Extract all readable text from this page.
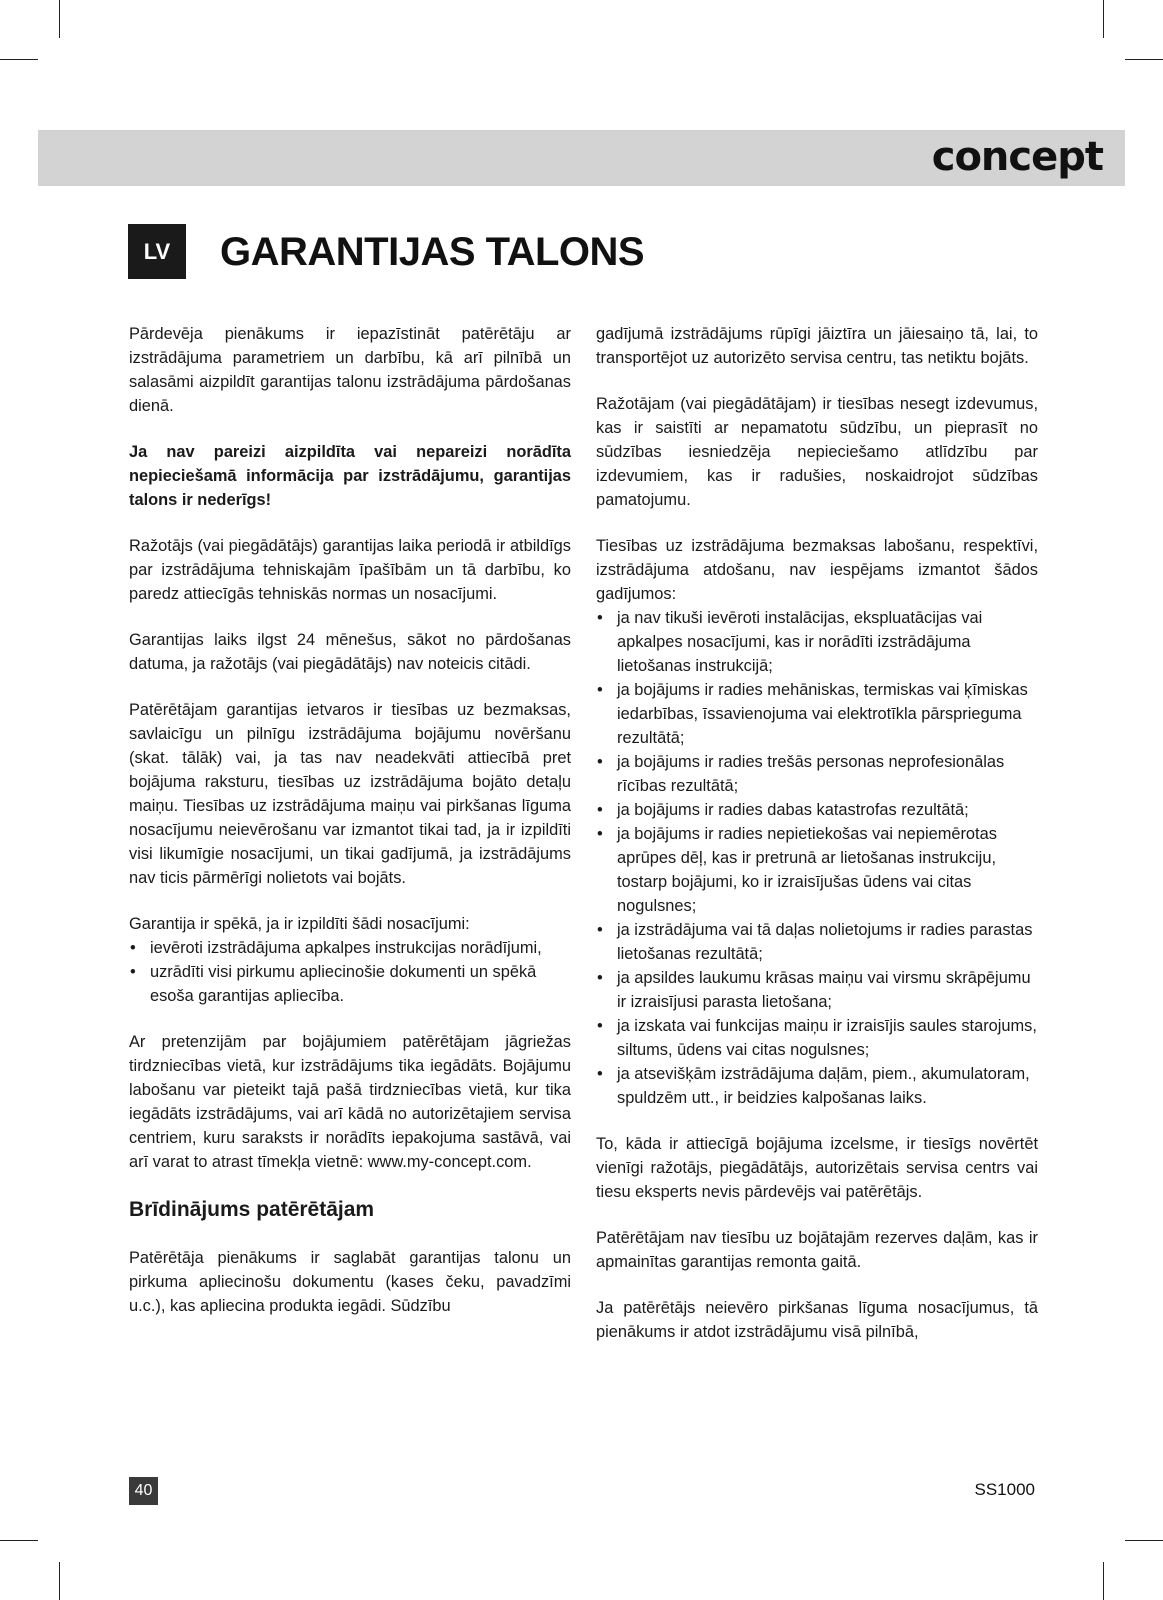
concept
LV	GARANTIJAS TALONS

Pārdevēja pienākums ir iepazīstināt patērētāju ar izstrādājuma parametriem un darbību, kā arī pilnībā un salasāmi aizpildīt garantijas talonu izstrādājuma pārdošanas dienā.

Ja nav pareizi aizpildīta vai nepareizi norādīta nepieciešamā informācija par izstrādājumu, garantijas talons ir nederīgs!

Ražotājs (vai piegādātājs) garantijas laika periodā ir atbildīgs par izstrādājuma tehniskajām īpašībām un tā darbību, ko paredz attiecīgās tehniskās normas un nosacījumi.

Garantijas laiks ilgst 24 mēnešus, sākot no pārdošanas datuma, ja ražotājs (vai piegādātājs) nav noteicis citādi.

Patērētājam garantijas ietvaros ir tiesības uz bezmaksas, savlaicīgu un pilnīgu izstrādājuma bojājumu novēršanu (skat. tālāk) vai, ja tas nav neadekvāti attiecībā pret bojājuma raksturu, tiesības uz izstrādājuma bojāto detaļu maiņu. Tiesības uz izstrādājuma maiņu vai pirkšanas līguma nosacījumu neievērošanu var izmantot tikai tad, ja ir izpildīti visi likumīgie nosacījumi, un tikai gadījumā, ja izstrādājums nav ticis pārmērīgi nolietots vai bojāts.

Garantija ir spēkā, ja ir izpildīti šādi nosacījumi:

• ievēroti izstrādājuma apkalpes instrukcijas norādījumi,
• uzrādīti visi pirkumu apliecinošie dokumenti un spēkā esoša garantijas apliecība.

Ar pretenzijām par bojājumiem patērētājam jāgriežas tirdzniecības vietā, kur izstrādājums tika iegādāts. Bojājumu labošanu var pieteikt tajā pašā tirdzniecības vietā, kur tika iegādāts izstrādājums, vai arī kādā no autorizētajiem servisa centriem, kuru saraksts ir norādīts iepakojuma sastāvā, vai arī varat to atrast tīmekļa vietnē: www.my-concept.com.

Brīdinājums patērētājam

Patērētāja pienākums ir saglabāt garantijas talonu un pirkuma apliecinošu dokumentu (kases čeku, pavadzīmi u.c.), kas apliecina produkta iegādi. Sūdzību

gadījumā izstrādājums rūpīgi jāiztīra un jāiesaiņo tā, lai, to transportējot uz autorizēto servisa centru, tas netiktu bojāts.

Ražotājam (vai piegādātājam) ir tiesības nesegt izdevumus, kas ir saistīti ar nepamatotu sūdzību, un pieprasīt no sūdzības iesniedzēja nepieciešamo atlīdzību par izdevumiem, kas ir radušies, noskaidrojot sūdzības pamatojumu.

Tiesības uz izstrādājuma bezmaksas labošanu, respektīvi, izstrādājuma atdošanu, nav iespējams izmantot šādos gadījumos:

• ja nav tikuši ievēroti instalācijas, ekspluatācijas vai apkalpes nosacījumi, kas ir norādīti izstrādājuma lietošanas instrukcijā;
• ja bojājums ir radies mehāniskas, termiskas vai ķīmiskas iedarbības, īssavienojuma vai elektrotīkla pārsprieguma rezultātā;
• ja bojājums ir radies trešās personas neprofesionālas rīcības rezultātā;
• ja bojājums ir radies dabas katastrofas rezultātā;
• ja bojājums ir radies nepietiekošas vai nepiemērotas aprūpes dēļ, kas ir pretrunā ar lietošanas instrukciju, tostarp bojājumi, ko ir izraisījušas ūdens vai citas nogulsnes;
• ja izstrādājuma vai tā daļas nolietojums ir radies parastas lietošanas rezultātā;
• ja apsildes laukumu krāsas maiņu vai virsmu skrāpējumu ir izraisījusi parasta lietošana;
• ja izskata vai funkcijas maiņu ir izraisījis saules starojums, siltums, ūdens vai citas nogulsnes;
• ja atsevišķām izstrādājuma daļām, piem., akumulatoram, spuldzēm utt., ir beidzies kalpošanas laiks.

To, kāda ir attiecīgā bojājuma izcelsme, ir tiesīgs novērtēt vienīgi ražotājs, piegādātājs, autorizētais servisa centrs vai tiesu eksperts nevis pārdevējs vai patērētājs.

Patērētājam nav tiesību uz bojātajām rezerves daļām, kas ir apmainītas garantijas remonta gaitā.

Ja patērētājs neievēro pirkšanas līguma nosacījumus, tā pienākums ir atdot izstrādājumu visā pilnībā,

40	SS1000
